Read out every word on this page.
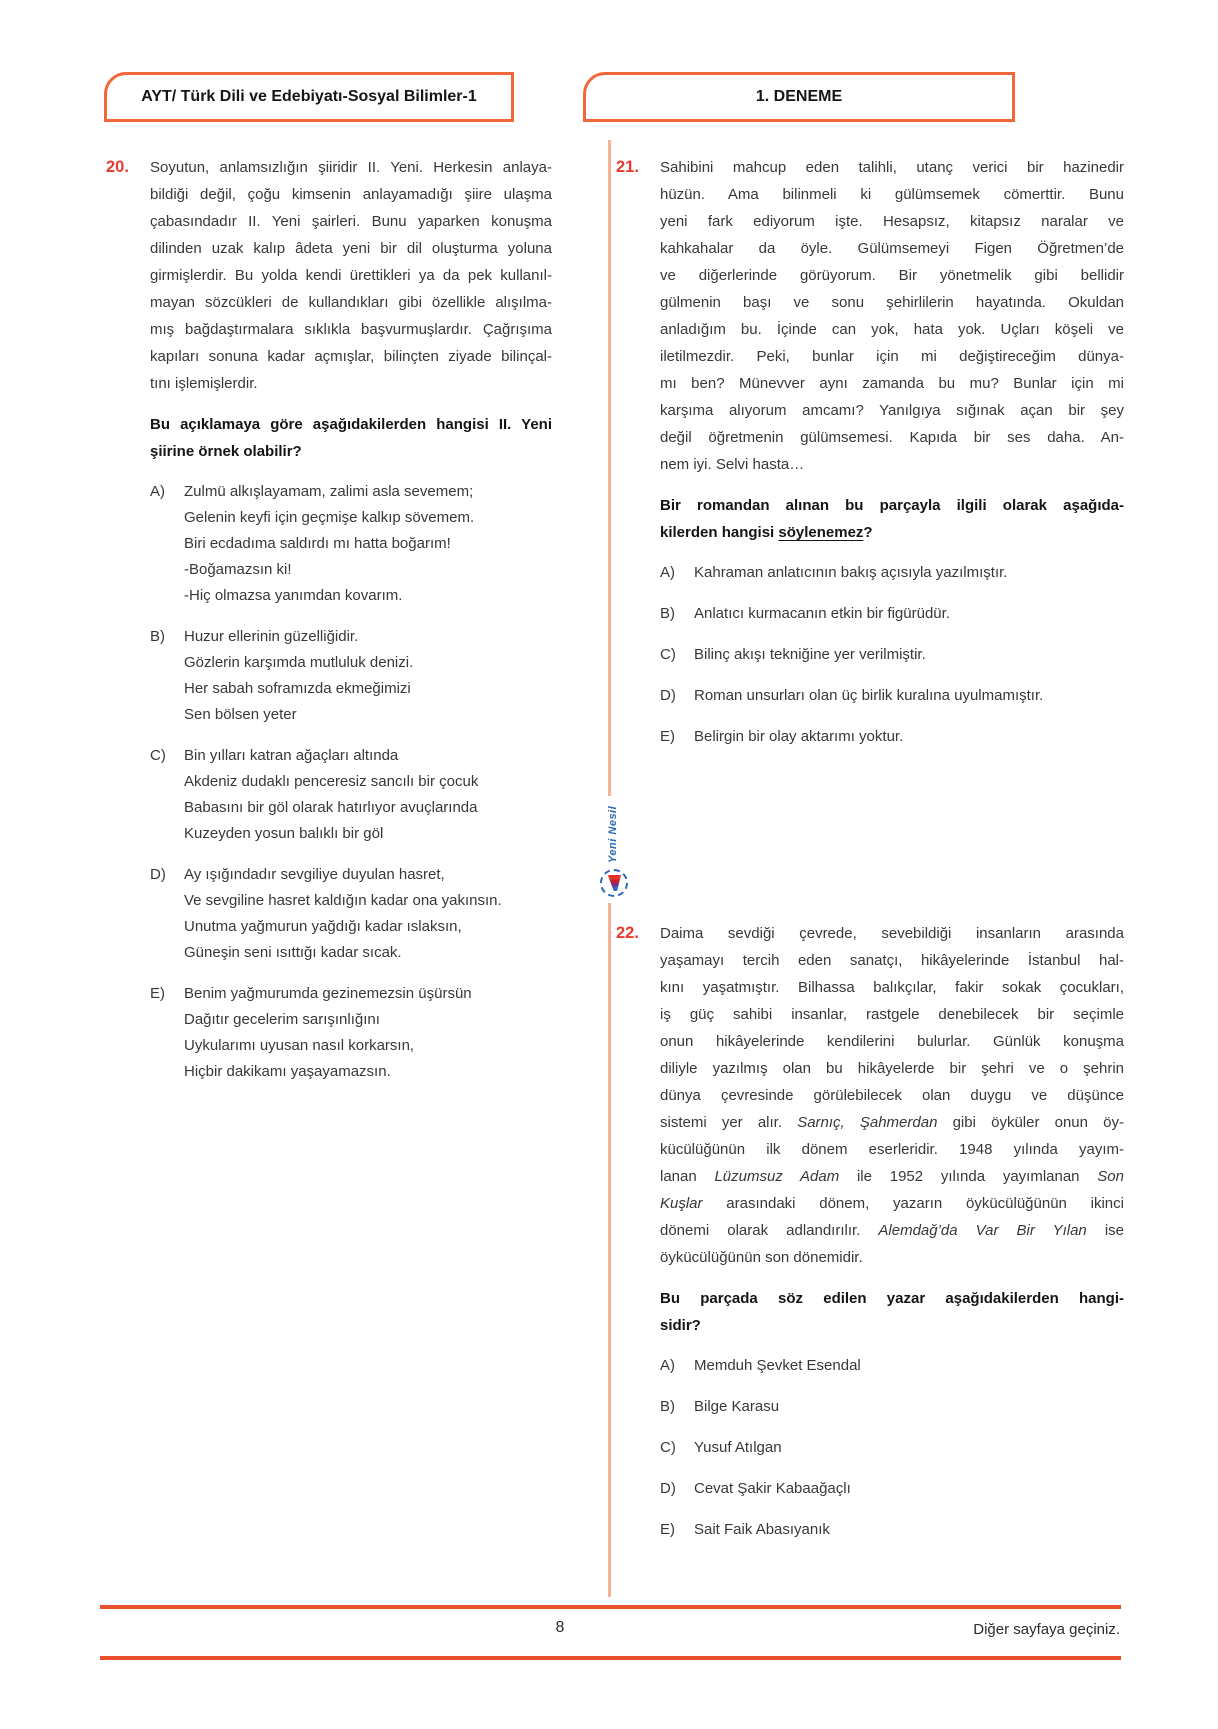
AYT/ Türk Dili ve Edebiyatı-Sosyal Bilimler-1	1. DENEME
20. Soyutun, anlamsızlığın şiiridir II. Yeni. Herkesin anlaya-
bildiği değil, çoğu kimsenin anlayamadığı şiire ulaşma
çabasındadır II. Yeni şairleri. Bunu yaparken konuşma
dilinden uzak kalıp âdeta yeni bir dil oluşturma yoluna
girmişlerdir. Bu yolda kendi ürettikleri ya da pek kullanıl-
mayan sözcükleri de kullandıkları gibi özellikle alışılma-
mış bağdaştırmalara sıklıkla başvurmuşlardır. Çağrışıma
kapıları sonuna kadar açmışlar, bilinçten ziyade bilinçal-
tını işlemişlerdir.
Bu açıklamaya göre aşağıdakilerden hangisi II. Yeni
şiirine örnek olabilir?
A) Zulmü alkışlayamam, zalimi asla sevemem;
Gelenin keyfi için geçmişe kalkıp sövemem.
Biri ecdadıma saldırdı mı hatta boğarım!
-Boğamazsın ki!
-Hiç olmazsa yanımdan kovarım.
B) Huzur ellerinin güzelliğidir.
Gözlerin karşımda mutluluk denizi.
Her sabah soframızda ekmeğimizi
Sen bölsen yeter
C) Bin yılları katran ağaçları altında
Akdeniz dudaklı penceresiz sancılı bir çocuk
Babasını bir göl olarak hatırlıyor avuçlarında
Kuzeyden yosun balıklı bir göl
D) Ay ışığındadır sevgiliye duyulan hasret,
Ve sevgiline hasret kaldığın kadar ona yakınsın.
Unutma yağmurun yağdığı kadar ıslaksın,
Güneşin seni ısıttığı kadar sıcak.
E) Benim yağmurumda gezinemezsin üşürsün
Dağıtır gecelerim sarışınlığını
Uykularımı uyusan nasıl korkarsın,
Hiçbir dakikamı yaşayamazsın.
21. Sahibini mahcup eden talihli, utanç verici bir hazinedir
hüzün. Ama bilinmeli ki gülümsemek cömerttir. Bunu
yeni fark ediyorum işte. Hesapsız, kitapsız naralar ve
kahkahalar da öyle. Gülümsemeyi Figen Öğretmen’de
ve diğerlerinde görüyorum. Bir yönetmelik gibi bellidir
gülmenin başı ve sonu şehirlilerin hayatında. Okuldan
anladığım bu. İçinde can yok, hata yok. Uçları köşeli ve
iletilmezdir. Peki, bunlar için mi değiştireceğim dünya-
mı ben? Münevver aynı zamanda bu mu? Bunlar için mi
karşıma alıyorum amcamı? Yanılgıya sığınak açan bir şey
değil öğretmenin gülümsemesi. Kapıda bir ses daha. An-
nem iyi. Selvi hasta…
Bir romandan alınan bu parçayla ilgili olarak aşağıda-
kilerden hangisi söylenemez?
A) Kahraman anlatıcının bakış açısıyla yazılmıştır.
B) Anlatıcı kurmacanın etkin bir figürüdür.
C) Bilinç akışı tekniğine yer verilmiştir.
D) Roman unsurları olan üç birlik kuralına uyulmamıştır.
E) Belirgin bir olay aktarımı yoktur.
22. Daima sevdiği çevrede, sevebildiği insanların arasında
yaşamayı tercih eden sanatçı, hikâyelerinde İstanbul hal-
kını yaşatmıştır. Bilhassa balıkçılar, fakir sokak çocukları,
iş güç sahibi insanlar, rastgele denebilecek bir seçimle
onun hikâyelerinde kendilerini bulurlar. Günlük konuşma
diliyle yazılmış olan bu hikâyelerde bir şehri ve o şehrin
dünya çevresinde görülebilecek olan duygu ve düşünce
sistemi yer alır. Sarnıç, Şahmerdan gibi öyküler onun öy-
kücülüğünün ilk dönem eserleridir. 1948 yılında yayım-
lanan Lüzumsuz Adam ile 1952 yılında yayımlanan Son
Kuşlar arasındaki dönem, yazarın öykücülüğünün ikinci
dönemi olarak adlandırılır. Alemdağ’da Var Bir Yılan ise
öykücülüğünün son dönemidir.
Bu parçada söz edilen yazar aşağıdakilerden hangi-
sidir?
A) Memduh Şevket Esendal
B) Bilge Karasu
C) Yusuf Atılgan
D) Cevat Şakir Kabaağaçlı
E) Sait Faik Abasıyanık
Yeni Nesil
8	Diğer sayfaya geçiniz.
